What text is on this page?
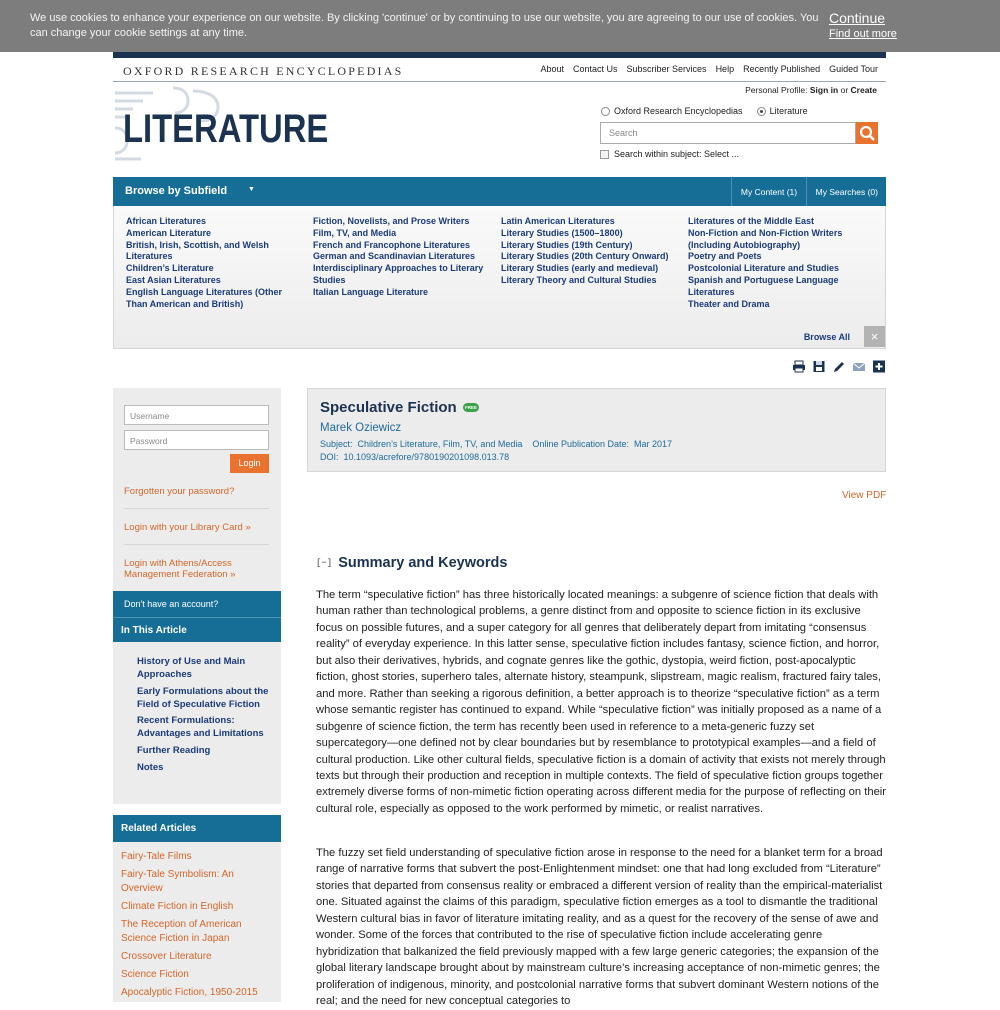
We use cookies to enhance your experience on our website. By clicking 'continue' or by continuing to use our website, you are agreeing to our use of cookies. You can change your cookie settings at any time.
Continue
Find out more
OXFORD RESEARCH ENCYCLOPEDIAS	About Contact Us Subscriber Services Help Recently Published Guided Tour
Personal Profile: Sign in or Create
LITERATURE	Oxford Research Encyclopedias	Literature
Search
Search within subject: Select ...
Browse by Subfield	▼	My Content (1)	My Searches (0)
African Literatures
American Literature
British, Irish, Scottish, and Welsh Literatures
Children’s Literature
East Asian Literatures
English Language Literatures (Other Than American and British)
Fiction, Novelists, and Prose Writers
Film, TV, and Media
French and Francophone Literatures
German and Scandinavian Literatures
Interdisciplinary Approaches to Literary Studies
Italian Language Literature
Latin American Literatures
Literary Studies (1500–1800)
Literary Studies (19th Century)
Literary Studies (20th Century Onward)
Literary Studies (early and medieval)
Literary Theory and Cultural Studies
Literatures of the Middle East
Non-Fiction and Non-Fiction Writers (Including Autobiography)
Poetry and Poets
Postcolonial Literature and Studies
Spanish and Portuguese Language Literatures
Theater and Drama
Browse All	×
Username
Password
Login
Forgotten your password?
Login with your Library Card »
Login with Athens/Access Management Federation »
Don't have an account?
In This Article
History of Use and Main Approaches
Early Formulations about the Field of Speculative Fiction
Recent Formulations: Advantages and Limitations
Further Reading
Notes
Related Articles
Fairy-Tale Films
Fairy-Tale Symbolism: An Overview
Climate Fiction in English
The Reception of American Science Fiction in Japan
Crossover Literature
Science Fiction
Apocalyptic Fiction, 1950-2015
Speculative Fiction	FREE
Marek Oziewicz
Subject:  Children’s Literature, Film, TV, and Media    Online Publication Date:  Mar 2017
DOI:  10.1093/acrefore/9780190201098.013.78
View PDF
[−] Summary and Keywords

The term “speculative fiction” has three historically located meanings: a subgenre of science fiction that deals with human rather than technological problems, a genre distinct from and opposite to science fiction in its exclusive focus on possible futures, and a super category for all genres that deliberately depart from imitating “consensus reality” of everyday experience. In this latter sense, speculative fiction includes fantasy, science fiction, and horror, but also their derivatives, hybrids, and cognate genres like the gothic, dystopia, weird fiction, post-apocalyptic fiction, ghost stories, superhero tales, alternate history, steampunk, slipstream, magic realism, fractured fairy tales, and more. Rather than seeking a rigorous definition, a better approach is to theorize “speculative fiction” as a term whose semantic register has continued to expand. While “speculative fiction” was initially proposed as a name of a subgenre of science fiction, the term has recently been used in reference to a meta-generic fuzzy set supercategory—one defined not by clear boundaries but by resemblance to prototypical examples—and a field of cultural production. Like other cultural fields, speculative fiction is a domain of activity that exists not merely through texts but through their production and reception in multiple contexts. The field of speculative fiction groups together extremely diverse forms of non-mimetic fiction operating across different media for the purpose of reflecting on their cultural role, especially as opposed to the work performed by mimetic, or realist narratives.

The fuzzy set field understanding of speculative fiction arose in response to the need for a blanket term for a broad range of narrative forms that subvert the post-Enlightenment mindset: one that had long excluded from “Literature” stories that departed from consensus reality or embraced a different version of reality than the empirical-materialist one. Situated against the claims of this paradigm, speculative fiction emerges as a tool to dismantle the traditional Western cultural bias in favor of literature imitating reality, and as a quest for the recovery of the sense of awe and wonder. Some of the forces that contributed to the rise of speculative fiction include accelerating genre hybridization that balkanized the field previously mapped with a few large generic categories; the expansion of the global literary landscape brought about by mainstream culture’s increasing acceptance of non-mimetic genres; the proliferation of indigenous, minority, and postcolonial narrative forms that subvert dominant Western notions of the real; and the need for new conceptual categories to
